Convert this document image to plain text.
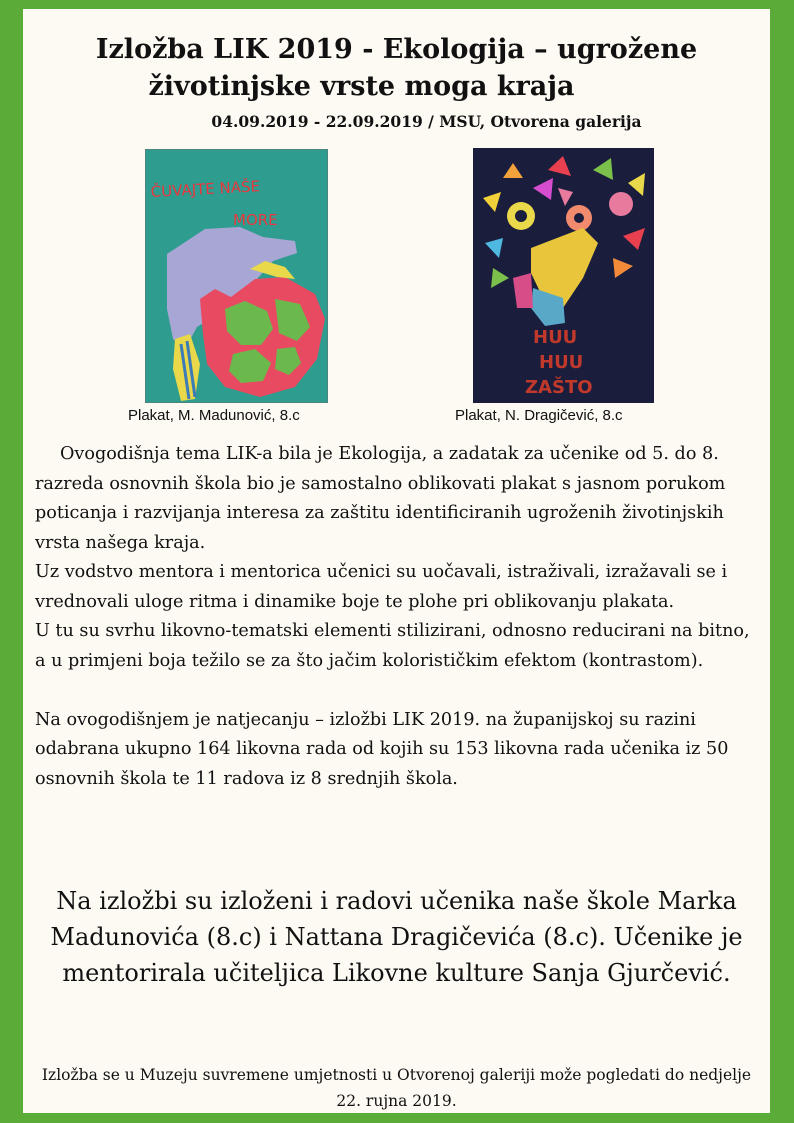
Izložba LIK 2019 - Ekologija – ugrožene
životinjske vrste moga kraja
04.09.2019 - 22.09.2019 / MSU, Otvorena galerija
ČUVAJTE NAŠE
MORE
HUU
HUU
ZAŠTO
Plakat, M. Madunović, 8.c	Plakat, N. Dragičević, 8.c

Ovogodišnja tema LIK-a bila je Ekologija, a zadatak za učenike od 5. do 8. razreda osnovnih škola bio je samostalno oblikovati plakat s jasnom porukom poticanja i razvijanja interesa za zaštitu identificiranih ugroženih životinjskih vrsta našega kraja.

Uz vodstvo mentora i mentorica učenici su uočavali, istraživali, izražavali se i vrednovali uloge ritma i dinamike boje te plohe pri oblikovanju plakata.

U tu su svrhu likovno-tematski elementi stilizirani, odnosno reducirani na bitno, a u primjeni boja težilo se za što jačim kolorističkim efektom (kontrastom).

Na ovogodišnjem je natjecanju – izložbi LIK 2019. na županijskoj su razini odabrana ukupno 164 likovna rada od kojih su 153 likovna rada učenika iz 50 osnovnih škola te 11 radova iz 8 srednjih škola.

Na izložbi su izloženi i radovi učenika naše škole Marka Madunovića (8.c) i Nattana Dragičevića (8.c). Učenike je mentorirala učiteljica Likovne kulture Sanja Gjurčević.
Izložba se u Muzeju suvremene umjetnosti u Otvorenoj galeriji može pogledati do nedjelje 22. rujna 2019.
